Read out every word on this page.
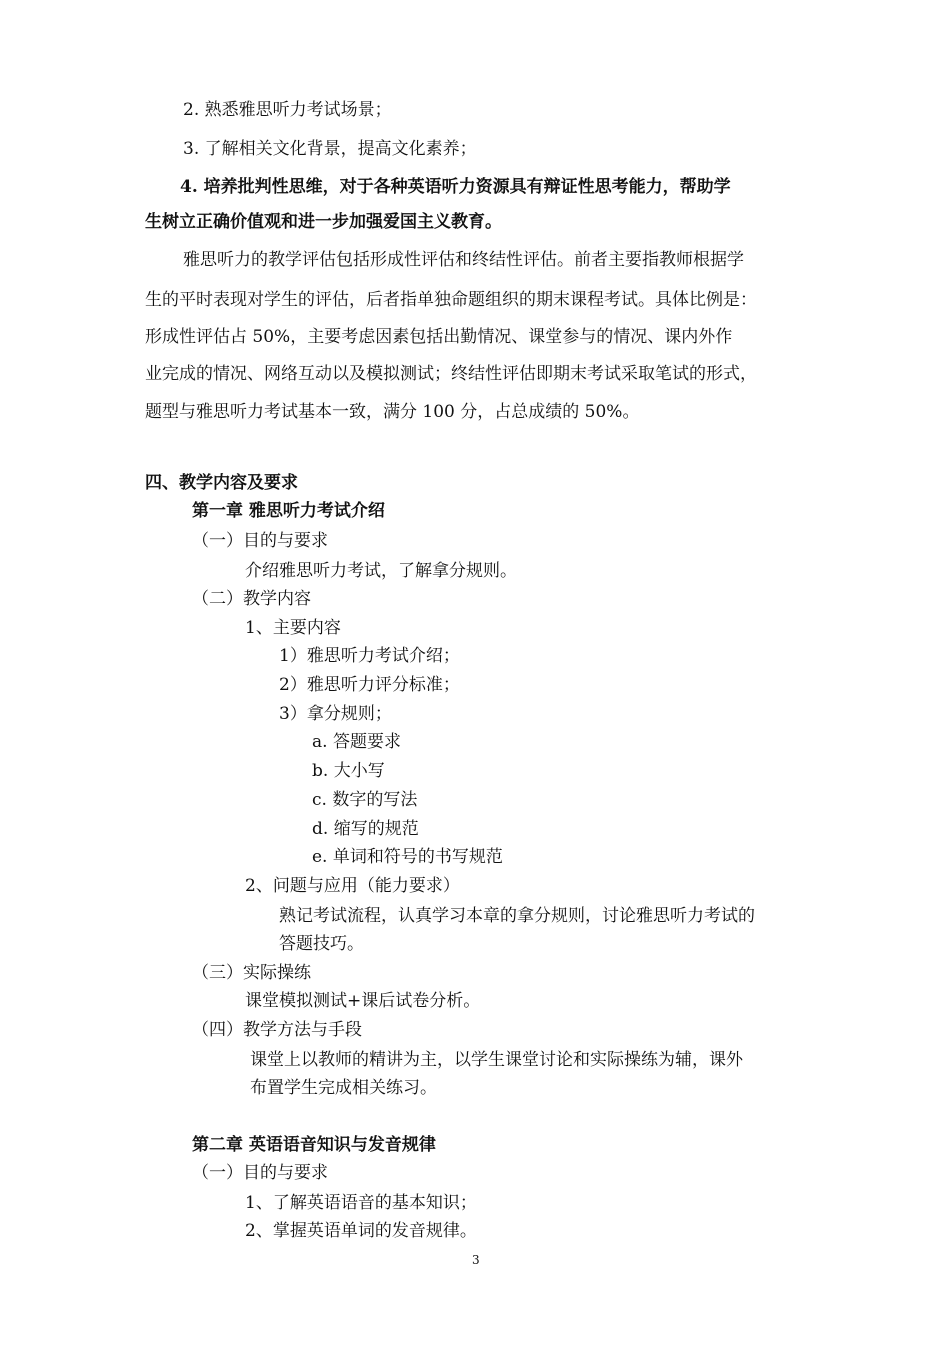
2. 熟悉雅思听力考试场景；
3. 了解相关文化背景，提高文化素养；
4. 培养批判性思维，对于各种英语听力资源具有辩证性思考能力，帮助学
生树立正确价值观和进一步加强爱国主义教育。
雅思听力的教学评估包括形成性评估和终结性评估。前者主要指教师根据学
生的平时表现对学生的评估，后者指单独命题组织的期末课程考试。具体比例是：
形成性评估占 50%，主要考虑因素包括出勤情况、课堂参与的情况、课内外作
业完成的情况、网络互动以及模拟测试；终结性评估即期末考试采取笔试的形式，
题型与雅思听力考试基本一致，满分 100 分，占总成绩的 50%。
四、教学内容及要求
第一章 雅思听力考试介绍
（一）目的与要求
介绍雅思听力考试，了解拿分规则。
（二）教学内容
1、主要内容
1）雅思听力考试介绍；
2）雅思听力评分标准；
3）拿分规则；
a. 答题要求
b. 大小写
c. 数字的写法
d. 缩写的规范
e. 单词和符号的书写规范
2、问题与应用（能力要求）
熟记考试流程，认真学习本章的拿分规则，讨论雅思听力考试的
答题技巧。
（三）实际操练
课堂模拟测试+课后试卷分析。
（四）教学方法与手段
课堂上以教师的精讲为主，以学生课堂讨论和实际操练为辅，课外
布置学生完成相关练习。
第二章 英语语音知识与发音规律
（一）目的与要求
1、了解英语语音的基本知识；
2、掌握英语单词的发音规律。
3
